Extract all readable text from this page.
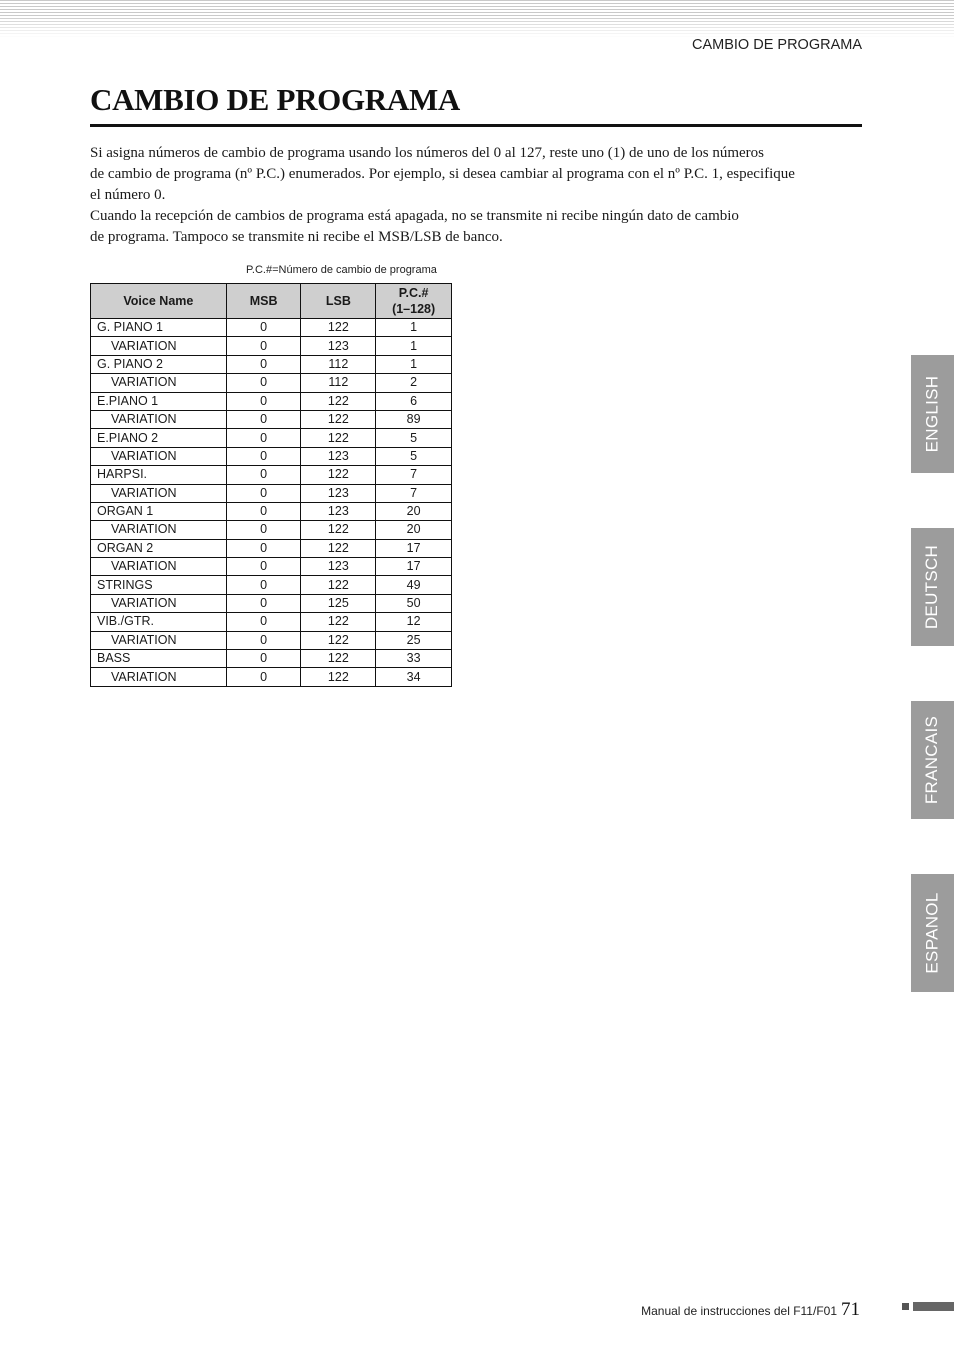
CAMBIO DE PROGRAMA
CAMBIO DE PROGRAMA

Si asigna números de cambio de programa usando los números del 0 al 127, reste uno (1) de uno de los números
de cambio de programa (nº P.C.) enumerados. Por ejemplo, si desea cambiar al programa con el nº P.C. 1, especifique
el número 0.

Cuando la recepción de cambios de programa está apagada, no se transmite ni recibe ningún dato de cambio
de programa. Tampoco se transmite ni recibe el MSB/LSB de banco.

P.C.#=Número de cambio de programa
Voice Name	MSB	LSB	P.C.#
(1–128)
G. PIANO 1	0	122	1
VARIATION	0	123	1
G. PIANO 2	0	112	1
VARIATION	0	112	2
E.PIANO 1	0	122	6
VARIATION	0	122	89
E.PIANO 2	0	122	5
VARIATION	0	123	5
HARPSI.	0	122	7
VARIATION	0	123	7
ORGAN 1	0	123	20
VARIATION	0	122	20
ORGAN 2	0	122	17
VARIATION	0	123	17
STRINGS	0	122	49
VARIATION	0	125	50
VIB./GTR.	0	122	12
VARIATION	0	122	25
BASS	0	122	33
VARIATION	0	122	34
ENGLISH
DEUTSCH
FRANCAIS
ESPANOL
Manual de instrucciones del F11/F01 71
